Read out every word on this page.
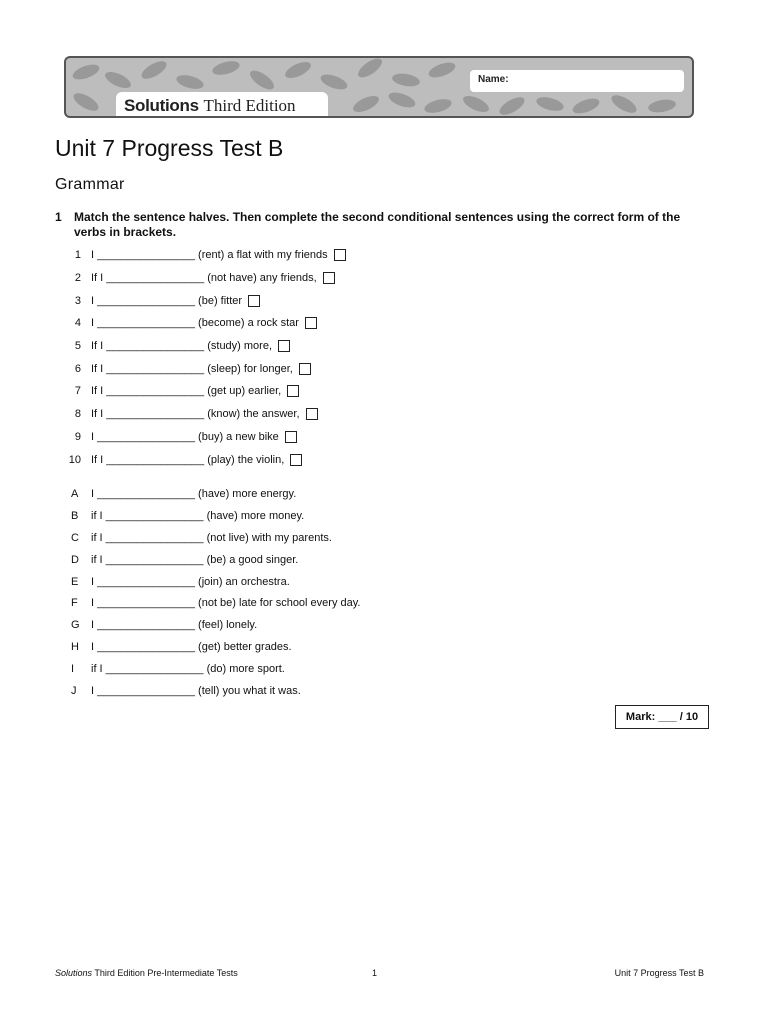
Name:
Solutions Third Edition
Unit 7 Progress Test B
Grammar
1 Match the sentence halves. Then complete the second conditional sentences using the correct form of the verbs in brackets.
1 I ________________ (rent) a flat with my friends
2 If I ________________ (not have) any friends,
3 I ________________ (be) fitter
4 I ________________ (become) a rock star
5 If I ________________ (study) more,
6 If I ________________ (sleep) for longer,
7 If I ________________ (get up) earlier,
8 If I ________________ (know) the answer,
9 I ________________ (buy) a new bike
10 If I ________________ (play) the violin,
A	I ________________ (have) more energy.
B	if I ________________ (have) more money.
C	if I ________________ (not live) with my parents.
D	if I ________________ (be) a good singer.
E	I ________________ (join) an orchestra.
F	I ________________ (not be) late for school every day.
G	I ________________ (feel) lonely.
H	I ________________ (get) better grades.
I	if I ________________ (do) more sport.
J	I ________________ (tell) you what it was.
Mark: ___ / 10
Solutions Third Edition Pre-Intermediate Tests	1	Unit 7 Progress Test B
